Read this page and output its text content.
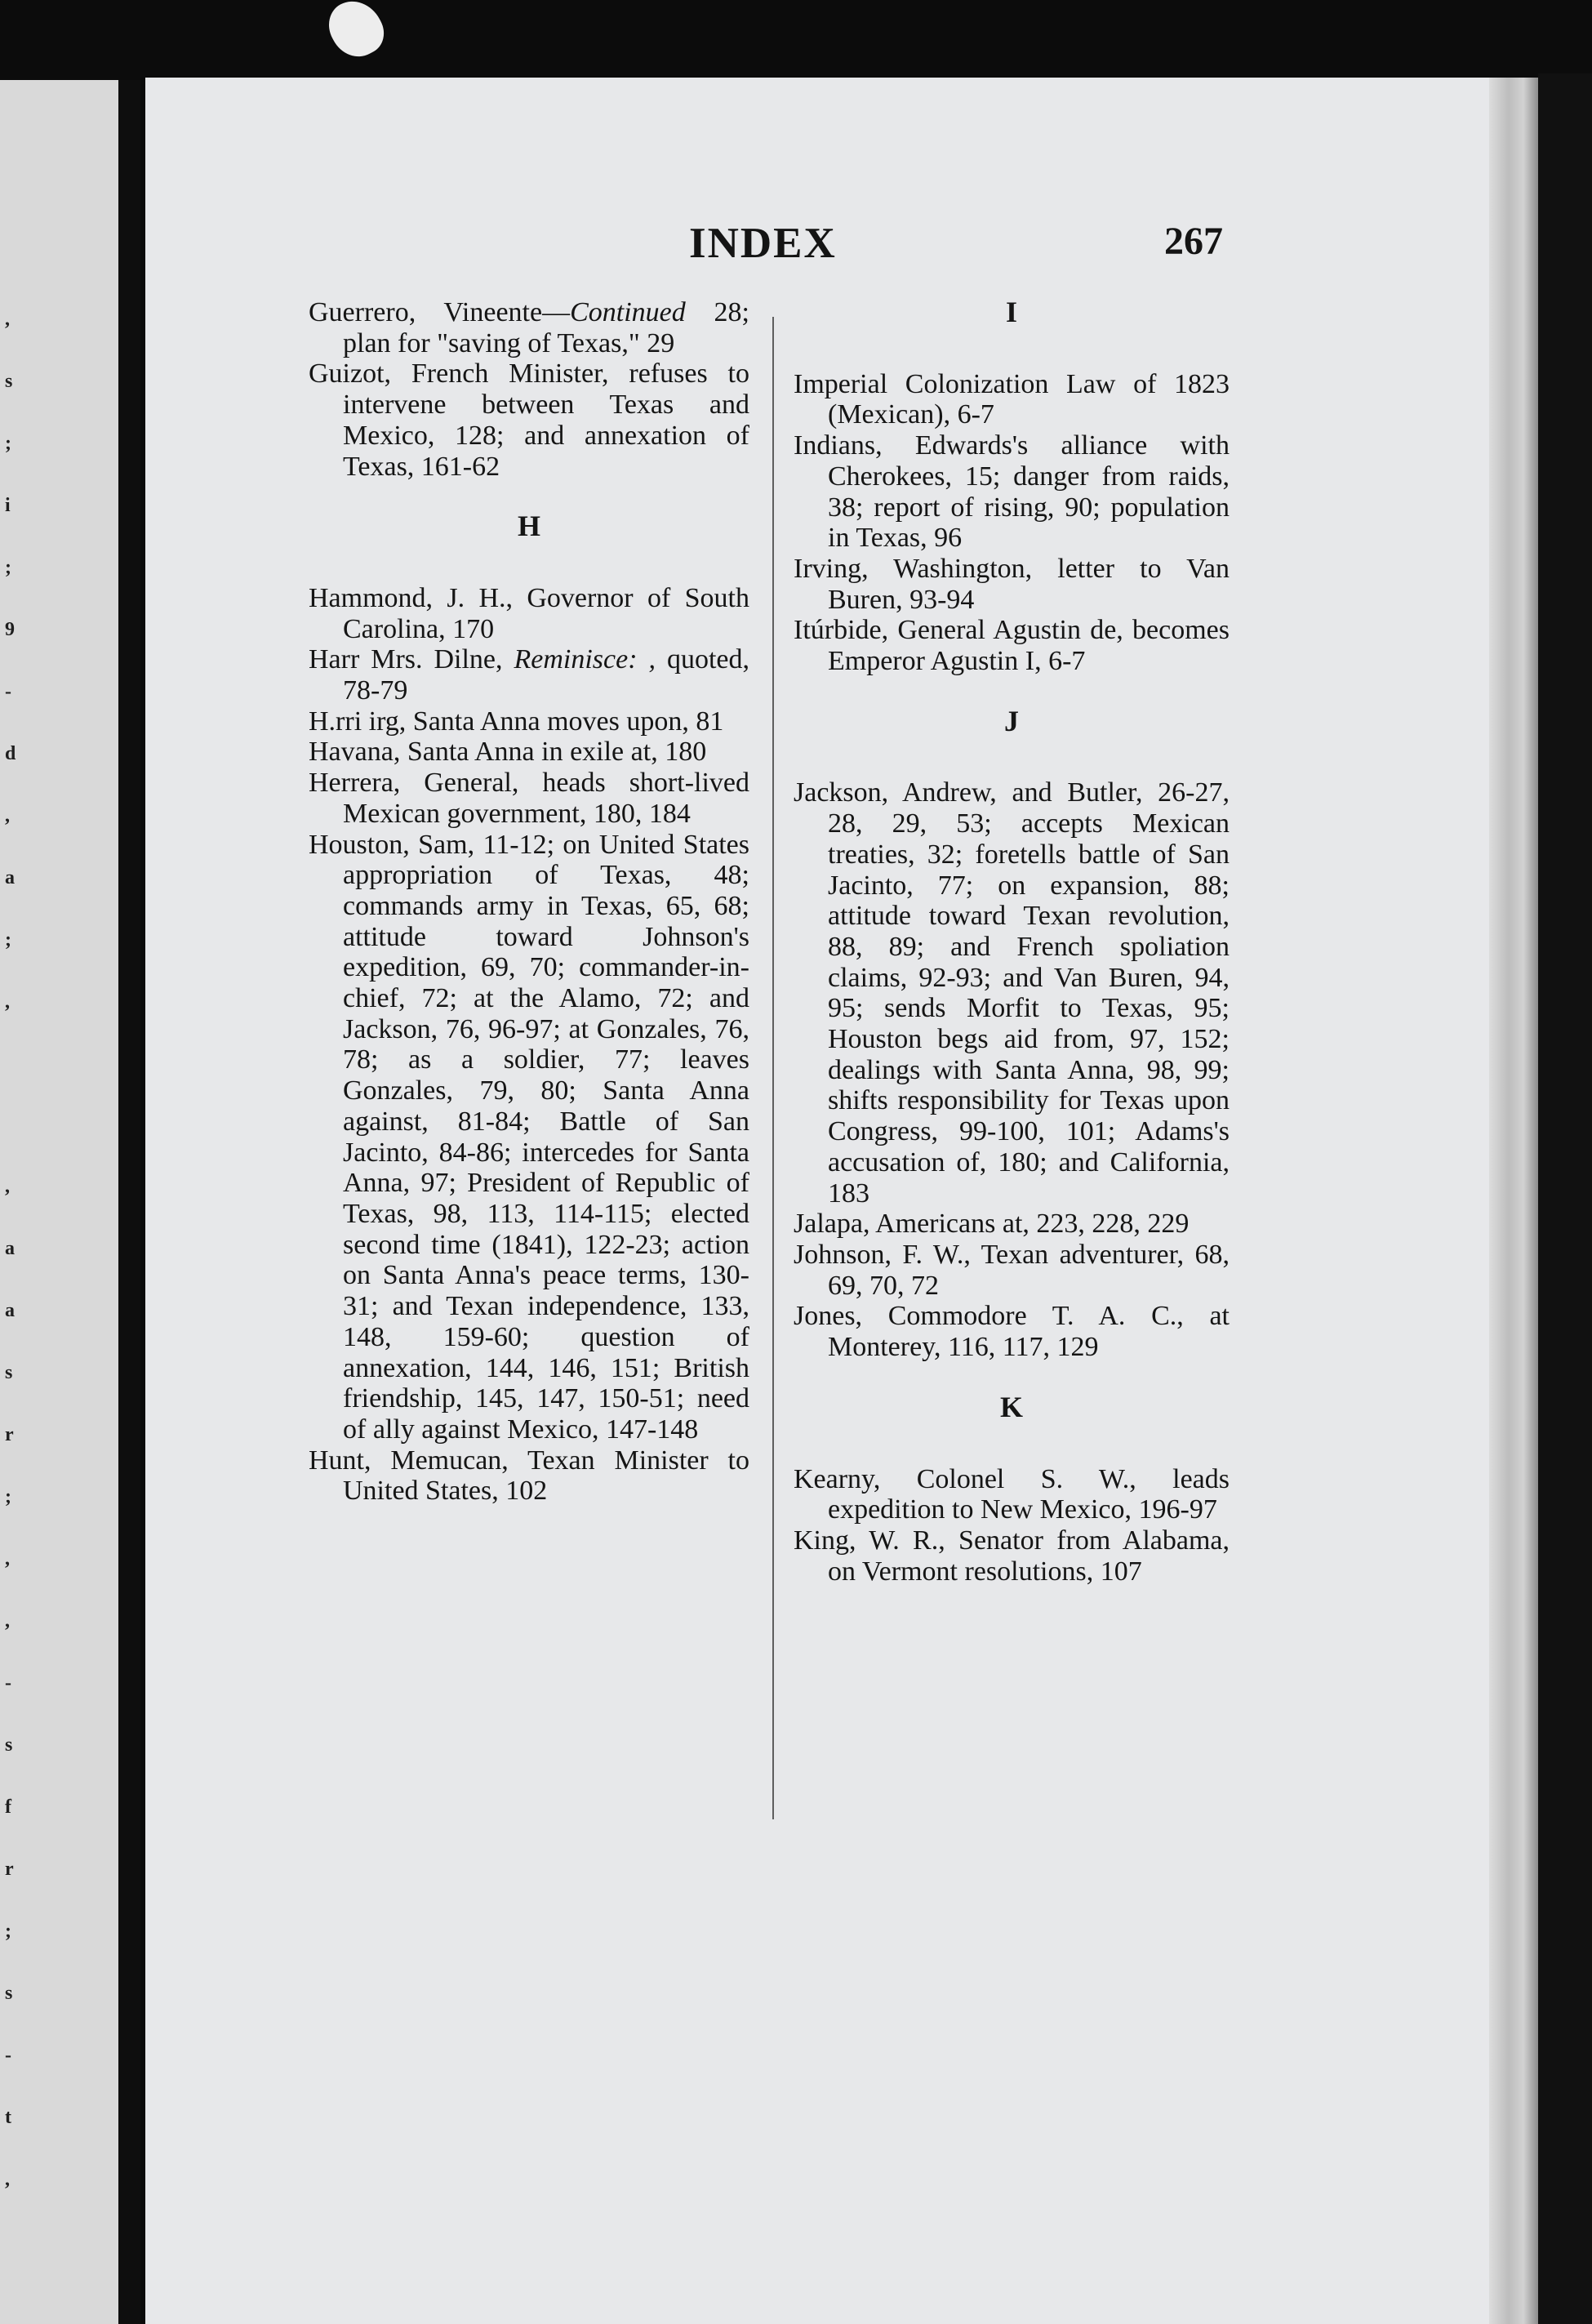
,
s
;
i
;
9
-
d
,
a
;
,
,
a
a
s
r
;
,
,
-
s
f
r
;
s
-
t
,
INDEX	267

Guerrero, Vineente—Continued 28; plan for "saving of Texas," 29

Guizot, French Minister, refuses to intervene between Texas and Mexico, 128; and annexation of Texas, 161-62

H

Hammond, J. H., Governor of South Carolina, 170

Harr Mrs. Dilne, Reminisce: , quoted, 78-79

H.rri irg, Santa Anna moves upon, 81

Havana, Santa Anna in exile at, 180

Herrera, General, heads short-lived Mexican government, 180, 184

Houston, Sam, 11-12; on United States appropriation of Texas, 48; commands army in Texas, 65, 68; attitude toward Johnson's expedition, 69, 70; commander-in-chief, 72; at the Alamo, 72; and Jackson, 76, 96-97; at Gonzales, 76, 78; as a soldier, 77; leaves Gonzales, 79, 80; Santa Anna against, 81-84; Battle of San Jacinto, 84-86; intercedes for Santa Anna, 97; President of Republic of Texas, 98, 113, 114-115; elected second time (1841), 122-23; action on Santa Anna's peace terms, 130-31; and Texan independence, 133, 148, 159-60; question of annexation, 144, 146, 151; British friendship, 145, 147, 150-51; need of ally against Mexico, 147-148

Hunt, Memucan, Texan Minister to United States, 102

I

Imperial Colonization Law of 1823 (Mexican), 6-7

Indians, Edwards's alliance with Cherokees, 15; danger from raids, 38; report of rising, 90; population in Texas, 96

Irving, Washington, letter to Van Buren, 93-94

Itúrbide, General Agustin de, becomes Emperor Agustin I, 6-7

J

Jackson, Andrew, and Butler, 26-27, 28, 29, 53; accepts Mexican treaties, 32; foretells battle of San Jacinto, 77; on expansion, 88; attitude toward Texan revolution, 88, 89; and French spoliation claims, 92-93; and Van Buren, 94, 95; sends Morfit to Texas, 95; Houston begs aid from, 97, 152; dealings with Santa Anna, 98, 99; shifts responsibility for Texas upon Congress, 99-100, 101; Adams's accusation of, 180; and California, 183

Jalapa, Americans at, 223, 228, 229

Johnson, F. W., Texan adventurer, 68, 69, 70, 72

Jones, Commodore T. A. C., at Monterey, 116, 117, 129

K

Kearny, Colonel S. W., leads expedition to New Mexico, 196-97

King, W. R., Senator from Alabama, on Vermont resolutions, 107
